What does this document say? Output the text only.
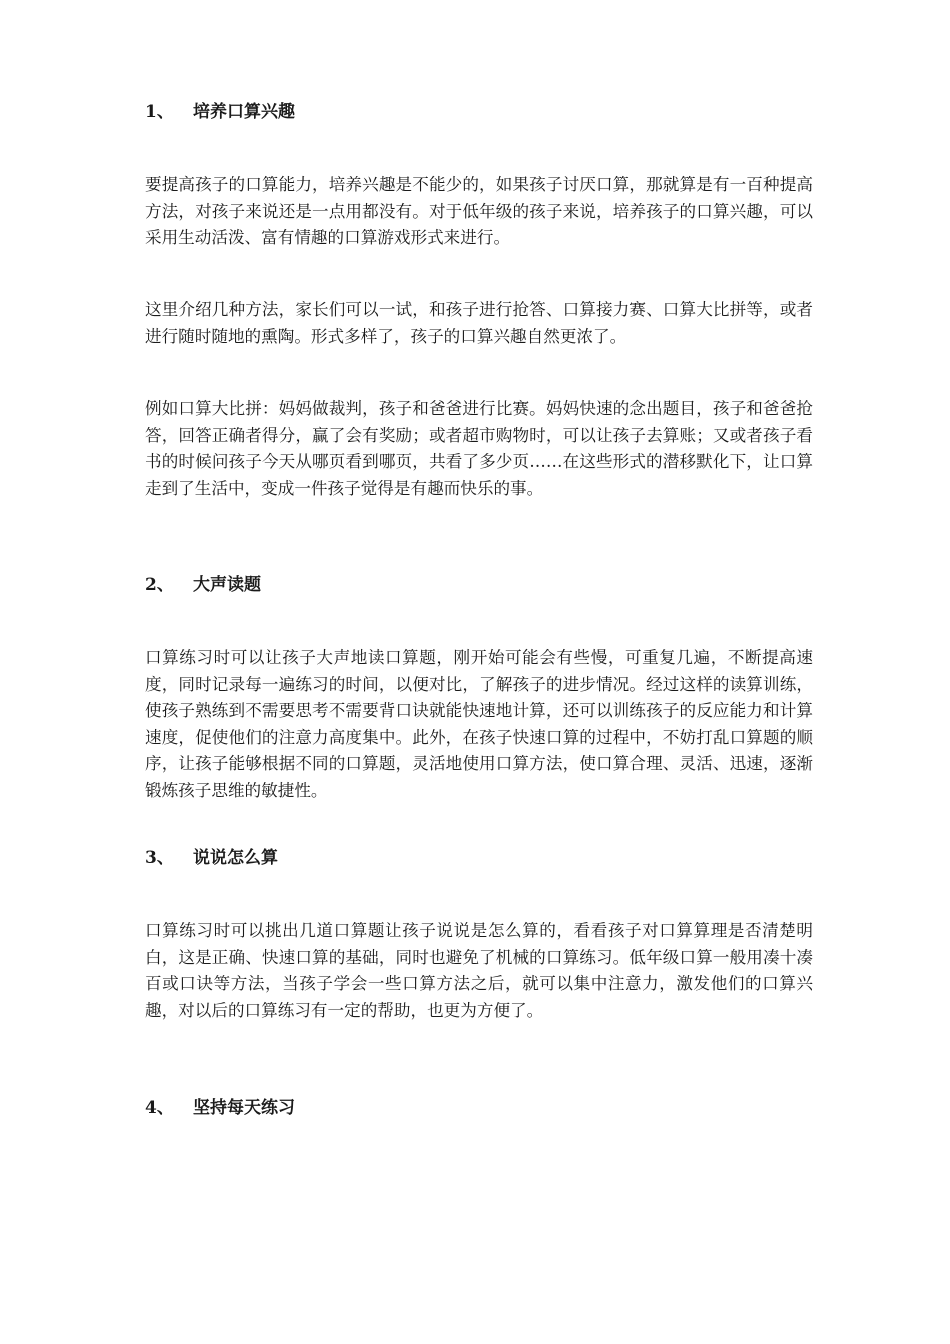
1、 培养口算兴趣
要提高孩子的口算能力，培养兴趣是不能少的，如果孩子讨厌口算，那就算是有一百种提高方法，对孩子来说还是一点用都没有。对于低年级的孩子来说，培养孩子的口算兴趣，可以采用生动活泼、富有情趣的口算游戏形式来进行。
这里介绍几种方法，家长们可以一试，和孩子进行抢答、口算接力赛、口算大比拼等，或者进行随时随地的熏陶。形式多样了，孩子的口算兴趣自然更浓了。
例如口算大比拼：妈妈做裁判，孩子和爸爸进行比赛。妈妈快速的念出题目，孩子和爸爸抢答，回答正确者得分，赢了会有奖励；或者超市购物时，可以让孩子去算账；又或者孩子看书的时候问孩子今天从哪页看到哪页，共看了多少页……在这些形式的潜移默化下，让口算走到了生活中，变成一件孩子觉得是有趣而快乐的事。
2、 大声读题
口算练习时可以让孩子大声地读口算题，刚开始可能会有些慢，可重复几遍，不断提高速度，同时记录每一遍练习的时间，以便对比，了解孩子的进步情况。经过这样的读算训练，使孩子熟练到不需要思考不需要背口诀就能快速地计算，还可以训练孩子的反应能力和计算速度，促使他们的注意力高度集中。此外，在孩子快速口算的过程中，不妨打乱口算题的顺序，让孩子能够根据不同的口算题，灵活地使用口算方法，使口算合理、灵活、迅速，逐渐锻炼孩子思维的敏捷性。
3、 说说怎么算
口算练习时可以挑出几道口算题让孩子说说是怎么算的，看看孩子对口算算理是否清楚明白，这是正确、快速口算的基础，同时也避免了机械的口算练习。低年级口算一般用凑十凑百或口诀等方法，当孩子学会一些口算方法之后，就可以集中注意力，激发他们的口算兴趣，对以后的口算练习有一定的帮助，也更为方便了。
4、 坚持每天练习
